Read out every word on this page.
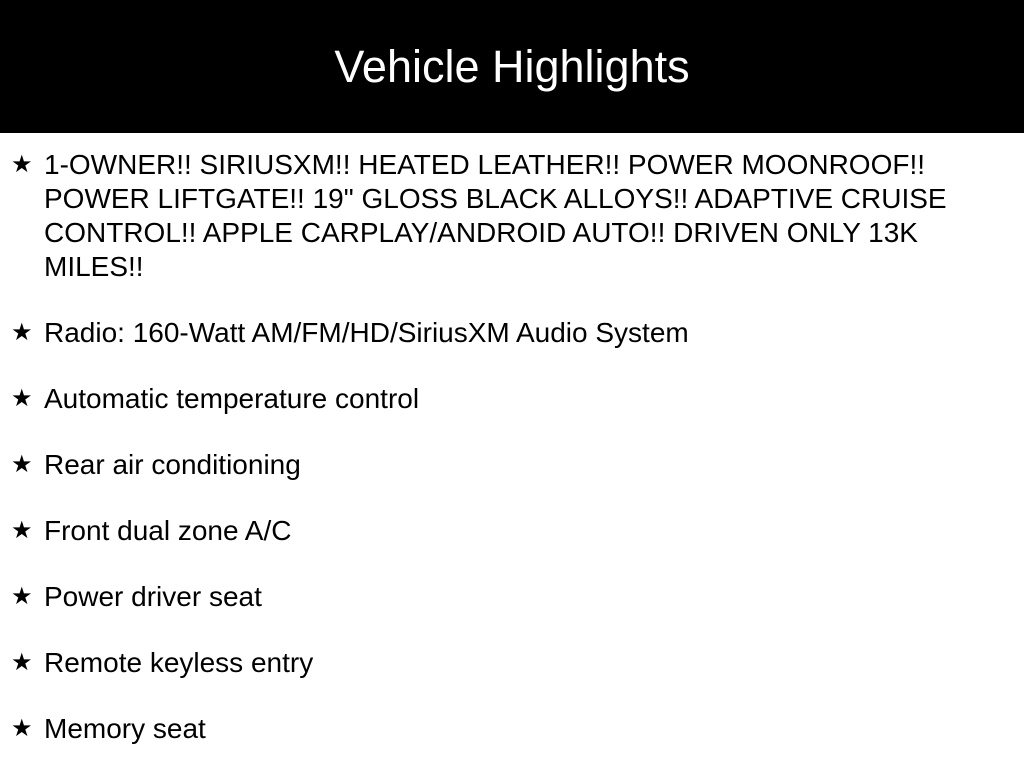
Vehicle Highlights
★ 1-OWNER!! SIRIUSXM!! HEATED LEATHER!! POWER MOONROOF!! POWER LIFTGATE!! 19" GLOSS BLACK ALLOYS!! ADAPTIVE CRUISE CONTROL!! APPLE CARPLAY/ANDROID AUTO!! DRIVEN ONLY 13K MILES!!
★ Radio: 160-Watt AM/FM/HD/SiriusXM Audio System
★ Automatic temperature control
★ Rear air conditioning
★ Front dual zone A/C
★ Power driver seat
★ Remote keyless entry
★ Memory seat
